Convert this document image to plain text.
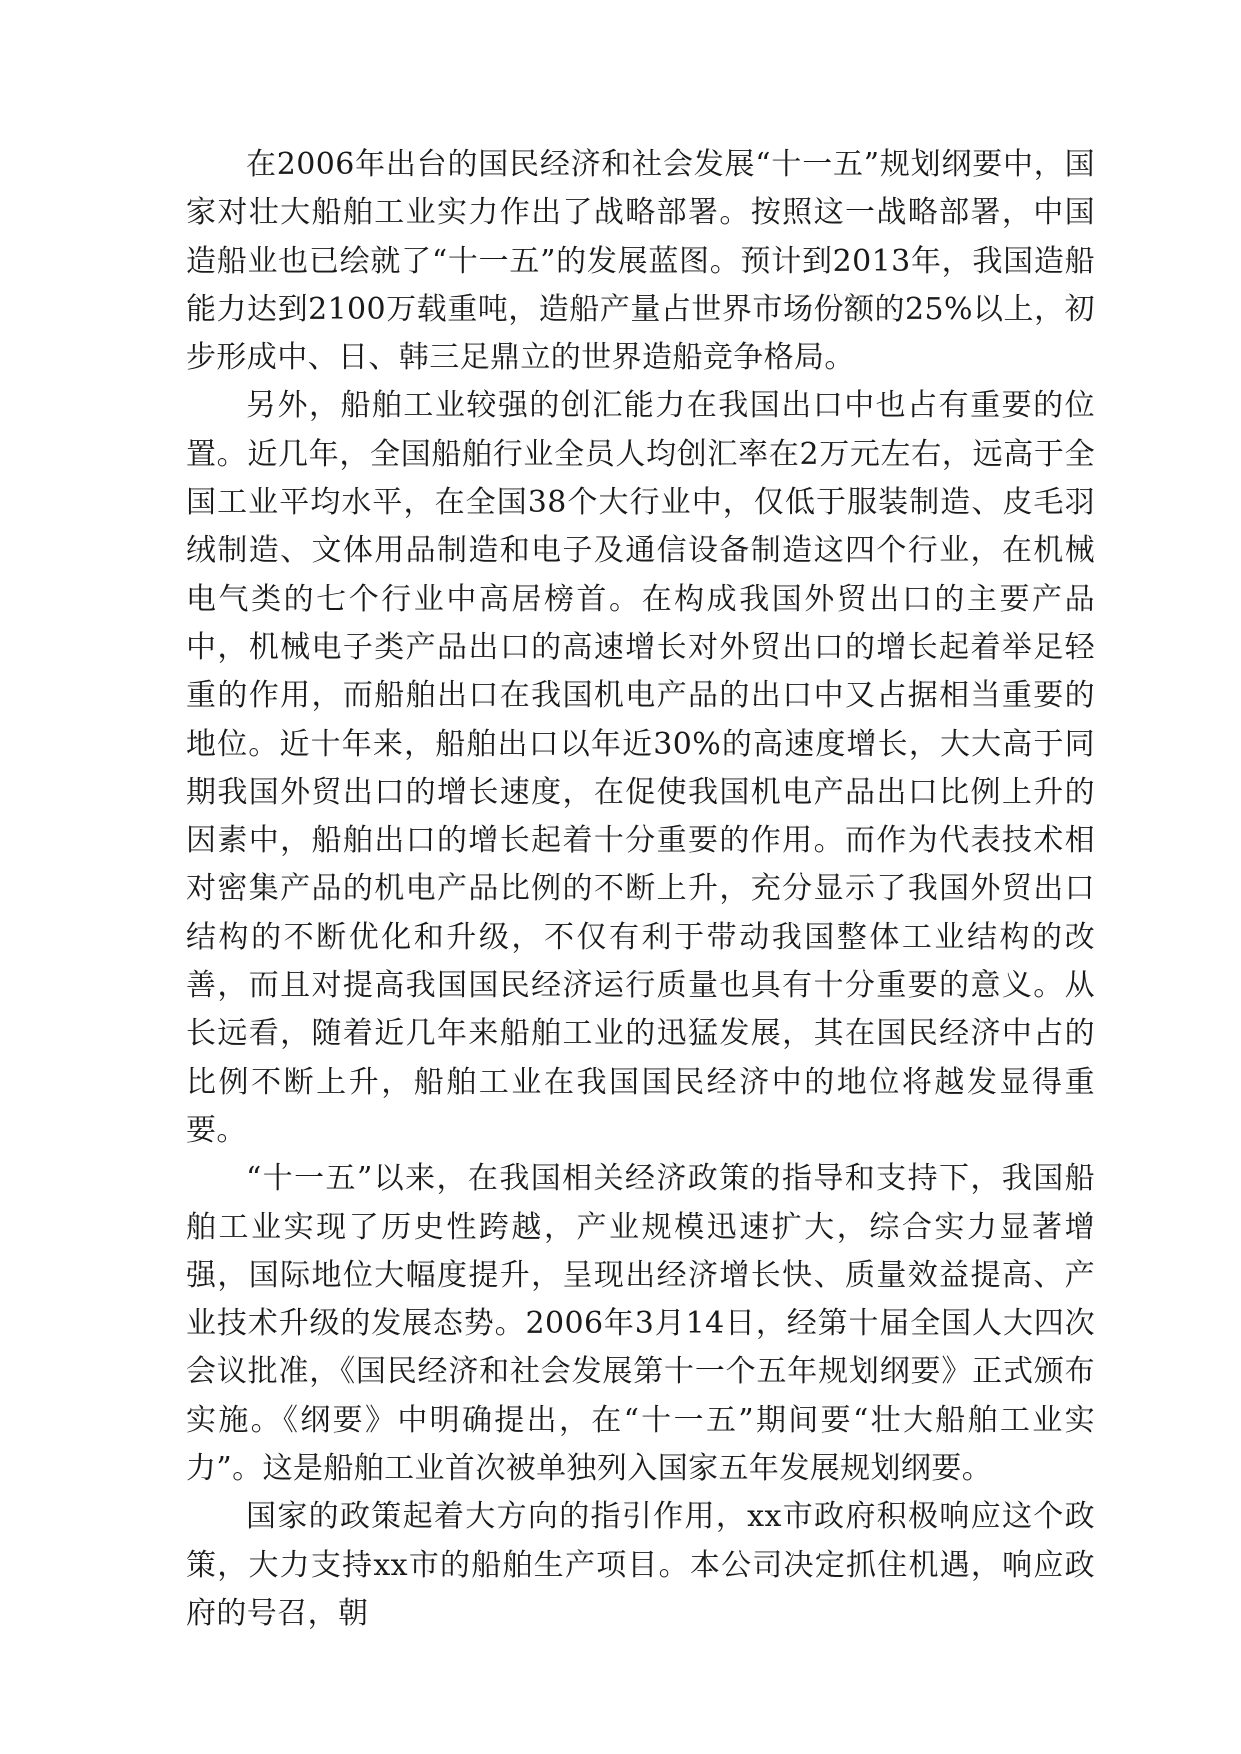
在2006年出台的国民经济和社会发展“十一五”规划纲要中，国家对壮大船舶工业实力作出了战略部署。按照这一战略部署，中国造船业也已绘就了“十一五”的发展蓝图。预计到2013年，我国造船能力达到2100万载重吨，造船产量占世界市场份额的25%以上，初步形成中、日、韩三足鼎立的世界造船竞争格局。

另外，船舶工业较强的创汇能力在我国出口中也占有重要的位置。近几年，全国船舶行业全员人均创汇率在2万元左右，远高于全国工业平均水平，在全国38个大行业中，仅低于服装制造、皮毛羽绒制造、文体用品制造和电子及通信设备制造这四个行业，在机械电气类的七个行业中高居榜首。在构成我国外贸出口的主要产品中，机械电子类产品出口的高速增长对外贸出口的增长起着举足轻重的作用，而船舶出口在我国机电产品的出口中又占据相当重要的地位。近十年来，船舶出口以年近30%的高速度增长，大大高于同期我国外贸出口的增长速度，在促使我国机电产品出口比例上升的因素中，船舶出口的增长起着十分重要的作用。而作为代表技术相对密集产品的机电产品比例的不断上升，充分显示了我国外贸出口结构的不断优化和升级，不仅有利于带动我国整体工业结构的改善，而且对提高我国国民经济运行质量也具有十分重要的意义。从长远看，随着近几年来船舶工业的迅猛发展，其在国民经济中占的比例不断上升，船舶工业在我国国民经济中的地位将越发显得重要。

“十一五”以来，在我国相关经济政策的指导和支持下，我国船舶工业实现了历史性跨越，产业规模迅速扩大，综合实力显著增强，国际地位大幅度提升，呈现出经济增长快、质量效益提高、产业技术升级的发展态势。2006年3月14日，经第十届全国人大四次会议批准，《国民经济和社会发展第十一个五年规划纲要》正式颁布实施。《纲要》中明确提出，在“十一五”期间要“壮大船舶工业实力”。这是船舶工业首次被单独列入国家五年发展规划纲要。

国家的政策起着大方向的指引作用，xx市政府积极响应这个政策，大力支持xx市的船舶生产项目。本公司决定抓住机遇，响应政府的号召，朝
